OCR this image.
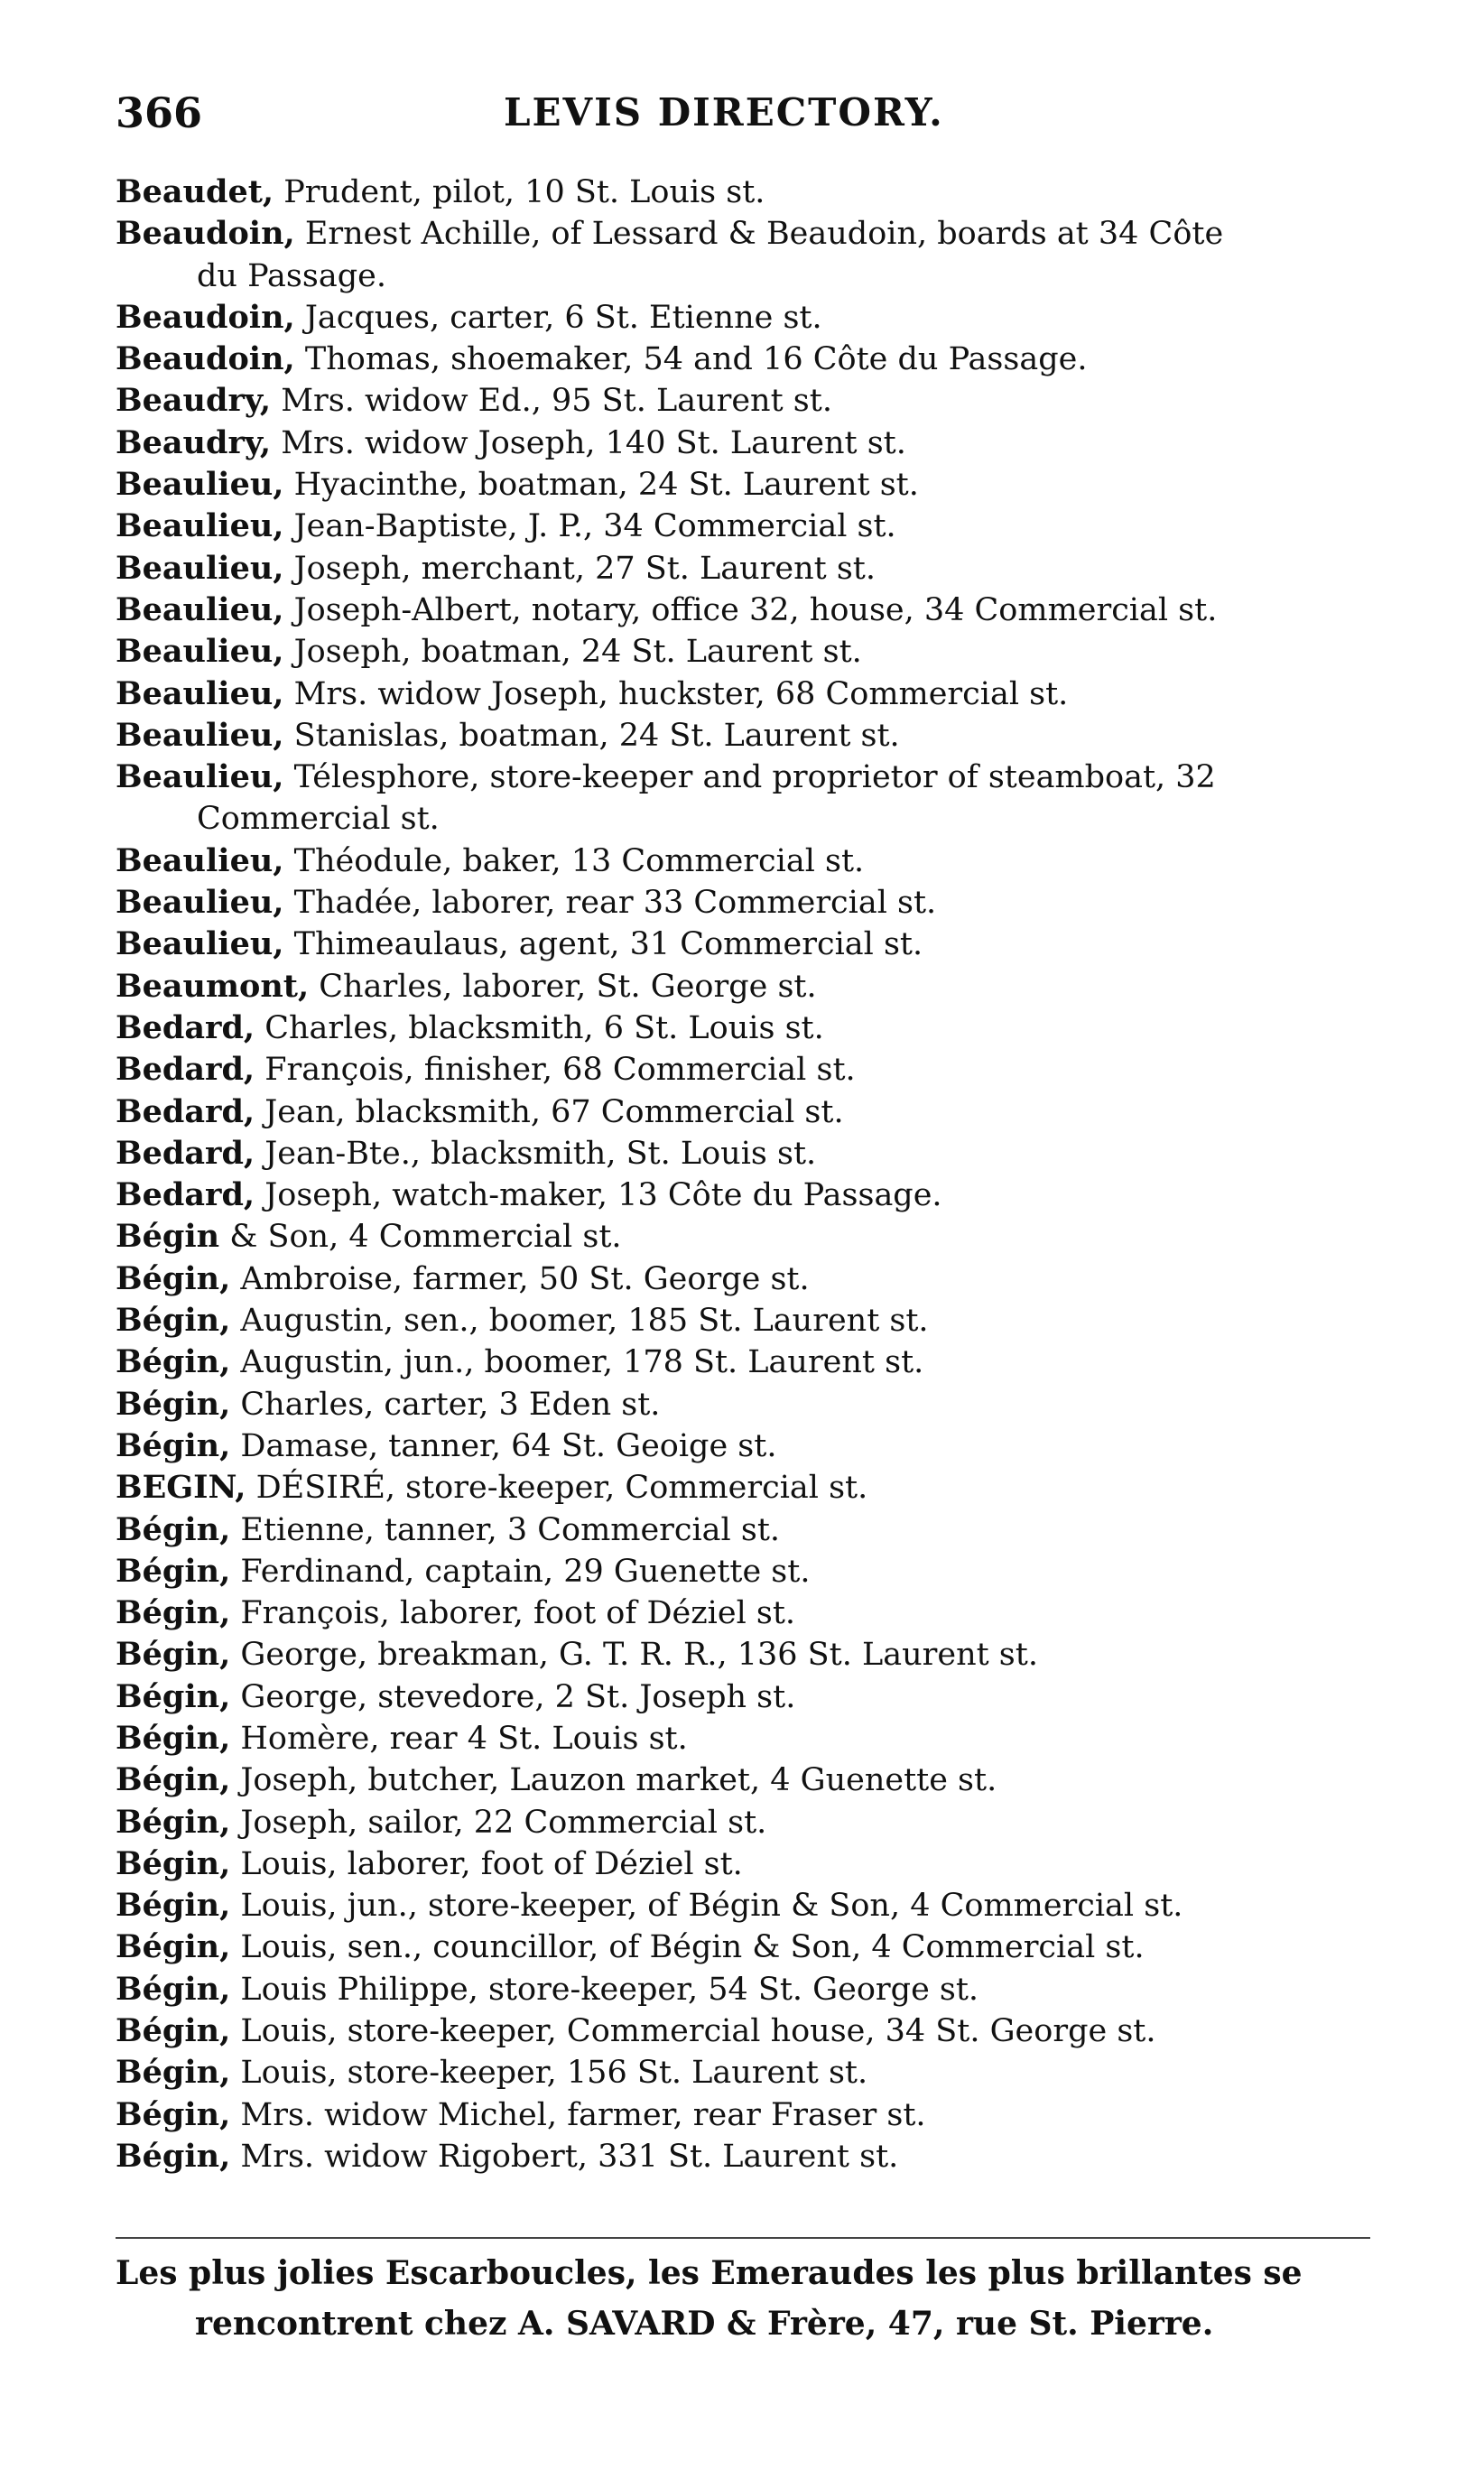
366	LEVIS DIRECTORY.
Beaudet, Prudent, pilot, 10 St. Louis st.
Beaudoin, Ernest Achille, of Lessard & Beaudoin, boards at 34 Côte
du Passage.
Beaudoin, Jacques, carter, 6 St. Etienne st.
Beaudoin, Thomas, shoemaker, 54 and 16 Côte du Passage.
Beaudry, Mrs. widow Ed., 95 St. Laurent st.
Beaudry, Mrs. widow Joseph, 140 St. Laurent st.
Beaulieu, Hyacinthe, boatman, 24 St. Laurent st.
Beaulieu, Jean-Baptiste, J. P., 34 Commercial st.
Beaulieu, Joseph, merchant, 27 St. Laurent st.
Beaulieu, Joseph-Albert, notary, office 32, house, 34 Commercial st.
Beaulieu, Joseph, boatman, 24 St. Laurent st.
Beaulieu, Mrs. widow Joseph, huckster, 68 Commercial st.
Beaulieu, Stanislas, boatman, 24 St. Laurent st.
Beaulieu, Télesphore, store-keeper and proprietor of steamboat, 32
Commercial st.
Beaulieu, Théodule, baker, 13 Commercial st.
Beaulieu, Thadée, laborer, rear 33 Commercial st.
Beaulieu, Thimeaulaus, agent, 31 Commercial st.
Beaumont, Charles, laborer, St. George st.
Bedard, Charles, blacksmith, 6 St. Louis st.
Bedard, François, finisher, 68 Commercial st.
Bedard, Jean, blacksmith, 67 Commercial st.
Bedard, Jean-Bte., blacksmith, St. Louis st.
Bedard, Joseph, watch-maker, 13 Côte du Passage.
Bégin & Son, 4 Commercial st.
Bégin, Ambroise, farmer, 50 St. George st.
Bégin, Augustin, sen., boomer, 185 St. Laurent st.
Bégin, Augustin, jun., boomer, 178 St. Laurent st.
Bégin, Charles, carter, 3 Eden st.
Bégin, Damase, tanner, 64 St. Geoige st.
BEGIN, DÉSIRÉ, store-keeper, Commercial st.
Bégin, Etienne, tanner, 3 Commercial st.
Bégin, Ferdinand, captain, 29 Guenette st.
Bégin, François, laborer, foot of Déziel st.
Bégin, George, breakman, G. T. R. R., 136 St. Laurent st.
Bégin, George, stevedore, 2 St. Joseph st.
Bégin, Homère, rear 4 St. Louis st.
Bégin, Joseph, butcher, Lauzon market, 4 Guenette st.
Bégin, Joseph, sailor, 22 Commercial st.
Bégin, Louis, laborer, foot of Déziel st.
Bégin, Louis, jun., store-keeper, of Bégin & Son, 4 Commercial st.
Bégin, Louis, sen., councillor, of Bégin & Son, 4 Commercial st.
Bégin, Louis Philippe, store-keeper, 54 St. George st.
Bégin, Louis, store-keeper, Commercial house, 34 St. George st.
Bégin, Louis, store-keeper, 156 St. Laurent st.
Bégin, Mrs. widow Michel, farmer, rear Fraser st.
Bégin, Mrs. widow Rigobert, 331 St. Laurent st.
Les plus jolies Escarboucles, les Emeraudes les plus brillantes se
rencontrent chez A. SAVARD & Frère, 47, rue St. Pierre.
